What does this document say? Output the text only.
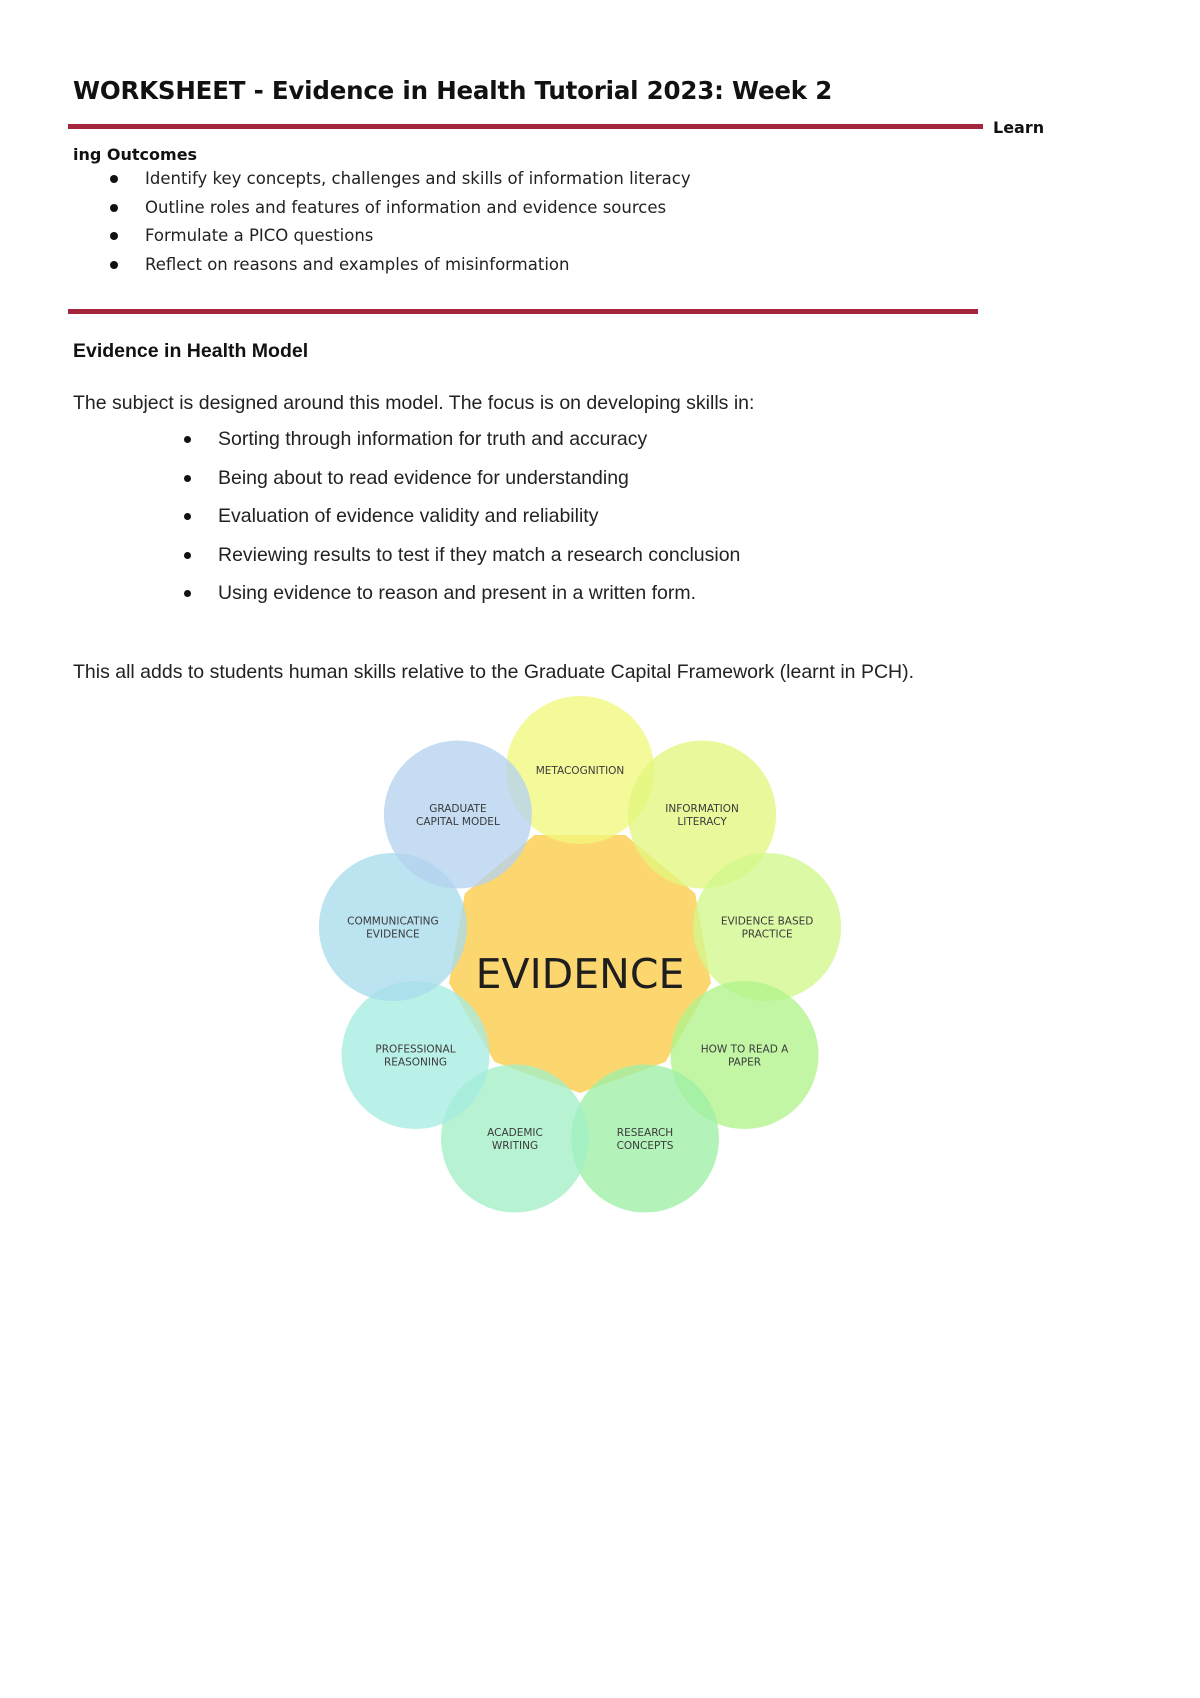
WORKSHEET - Evidence in Health Tutorial 2023: Week 2
Learn
ing Outcomes
Identify key concepts, challenges and skills of information literacy
Outline roles and features of information and evidence sources
Formulate a PICO questions
Reflect on reasons and examples of misinformation
Evidence in Health Model
The subject is designed around this model. The focus is on developing skills in:
Sorting through information for truth and accuracy
Being about to read evidence for understanding
Evaluation of evidence validity and reliability
Reviewing results to test if they match a research conclusion
Using evidence to reason and present in a written form.
This all adds to students human skills relative to the Graduate Capital Framework (learnt in PCH).
EVIDENCE
METACOGNITION
INFORMATION LITERACY
EVIDENCE BASED PRACTICE
HOW TO READ A PAPER
RESEARCH CONCEPTS
ACADEMIC WRITING
PROFESSIONAL REASONING
COMMUNICATING EVIDENCE
GRADUATE CAPITAL MODEL
